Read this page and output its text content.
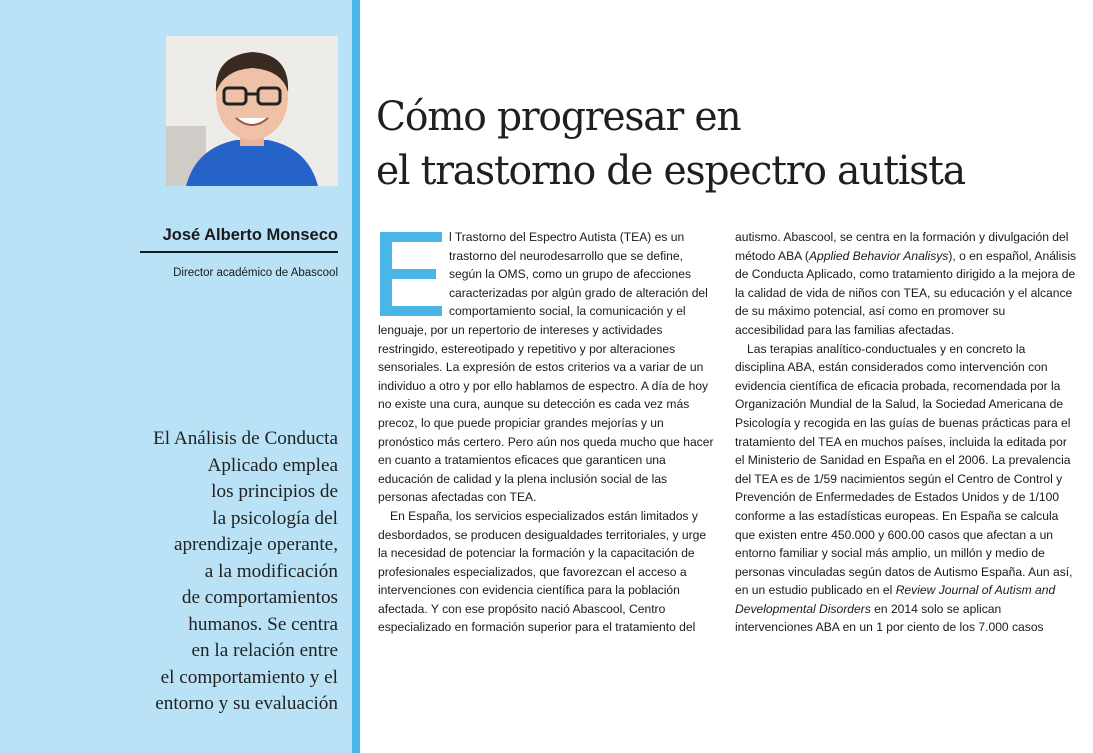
José Alberto Monseco
Director académico de Abascool
El Análisis de Conducta
Aplicado emplea
los principios de
la psicología del
aprendizaje operante,
a la modificación
de comportamientos
humanos. Se centra
en la relación entre
el comportamiento y el
entorno y su evaluación
Cómo progresar en
el trastorno de espectro autista
l Trastorno del Espectro Autista (TEA) es un
trastorno del neurodesarrollo que se define,
según la OMS, como un grupo de afecciones
caracterizadas por algún grado de alteración del
comportamiento social, la comunicación y el
lenguaje, por un repertorio de intereses y actividades
restringido, estereotipado y repetitivo y por alteraciones
sensoriales. La expresión de estos criterios va a variar de un
individuo a otro y por ello hablamos de espectro. A día de hoy
no existe una cura, aunque su detección es cada vez más
precoz, lo que puede propiciar grandes mejorías y un
pronóstico más certero. Pero aún nos queda mucho que hacer
en cuanto a tratamientos eficaces que garanticen una
educación de calidad y la plena inclusión social de las
personas afectadas con TEA.
En España, los servicios especializados están limitados y
desbordados, se producen desigualdades territoriales, y urge
la necesidad de potenciar la formación y la capacitación de
profesionales especializados, que favorezcan el acceso a
intervenciones con evidencia científica para la población
afectada. Y con ese propósito nació Abascool, Centro
especializado en formación superior para el tratamiento del
autismo. Abascool, se centra en la formación y divulgación del
método ABA (Applied Behavior Analisys), o en español, Análisis
de Conducta Aplicado, como tratamiento dirigido a la mejora de
la calidad de vida de niños con TEA, su educación y el alcance
de su máximo potencial, así como en promover su
accesibilidad para las familias afectadas.
Las terapias analítico-conductuales y en concreto la
disciplina ABA, están considerados como intervención con
evidencia científica de eficacia probada, recomendada por la
Organización Mundial de la Salud, la Sociedad Americana de
Psicología y recogida en las guías de buenas prácticas para el
tratamiento del TEA en muchos países, incluida la editada por
el Ministerio de Sanidad en España en el 2006. La prevalencia
del TEA es de 1/59 nacimientos según el Centro de Control y
Prevención de Enfermedades de Estados Unidos y de 1/100
conforme a las estadísticas europeas. En España se calcula
que existen entre 450.000 y 600.00 casos que afectan a un
entorno familiar y social más amplio, un millón y medio de
personas vinculadas según datos de Autismo España. Aun así,
en un estudio publicado en el Review Journal of Autism and
Developmental Disorders en 2014 solo se aplican
intervenciones ABA en un 1 por ciento de los 7.000 casos
